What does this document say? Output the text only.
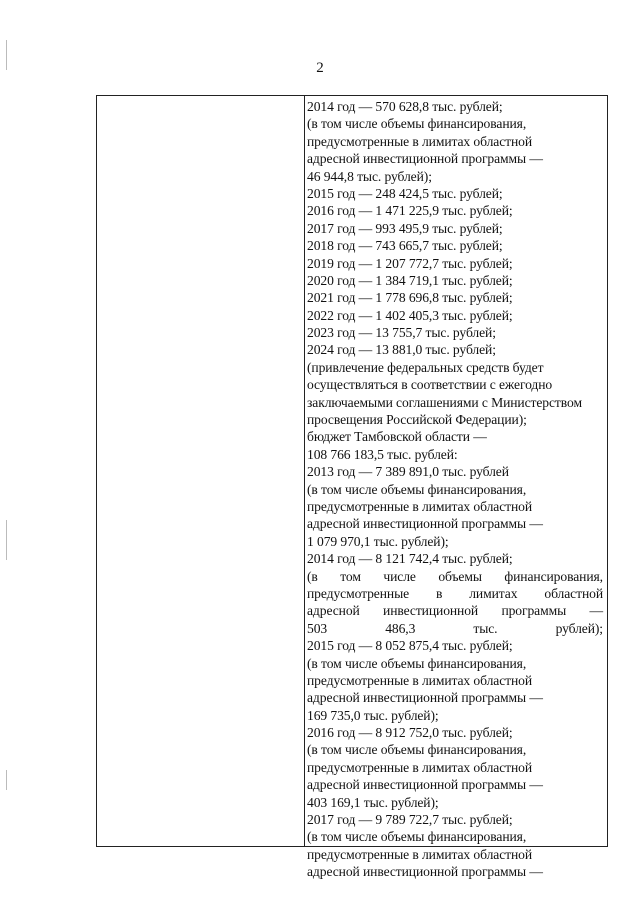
2
2014 год — 570 628,8 тыс. рублей;
(в том числе объемы финансирования,
предусмотренные в лимитах областной
адресной инвестиционной программы —
46 944,8 тыс. рублей);
2015 год — 248 424,5 тыс. рублей;
2016 год — 1 471 225,9 тыс. рублей;
2017 год — 993 495,9 тыс. рублей;
2018 год — 743 665,7 тыс. рублей;
2019 год — 1 207 772,7 тыс. рублей;
2020 год — 1 384 719,1 тыс. рублей;
2021 год — 1 778 696,8 тыс. рублей;
2022 год — 1 402 405,3 тыс. рублей;
2023 год — 13 755,7 тыс. рублей;
2024 год — 13 881,0 тыс. рублей;
(привлечение федеральных средств будет
осуществляться в соответствии с ежегодно
заключаемыми соглашениями с Министерством
просвещения Российской Федерации);
бюджет Тамбовской области —
108 766 183,5 тыс. рублей:
2013 год — 7 389 891,0 тыс. рублей
(в том числе объемы финансирования,
предусмотренные в лимитах областной
адресной инвестиционной программы —
1 079 970,1 тыс. рублей);
2014 год — 8 121 742,4 тыс. рублей;
(в том числе объемы финансирования,
предусмотренные в лимитах областной
адресной инвестиционной программы —
503	486,3	тыс.	рублей);
2015 год — 8 052 875,4 тыс. рублей;
(в том числе объемы финансирования,
предусмотренные в лимитах областной
адресной инвестиционной программы —
169 735,0 тыс. рублей);
2016 год — 8 912 752,0 тыс. рублей;
(в том числе объемы финансирования,
предусмотренные в лимитах областной
адресной инвестиционной программы —
403 169,1 тыс. рублей);
2017 год — 9 789 722,7 тыс. рублей;
(в том числе объемы финансирования,
предусмотренные в лимитах областной
адресной инвестиционной программы —
